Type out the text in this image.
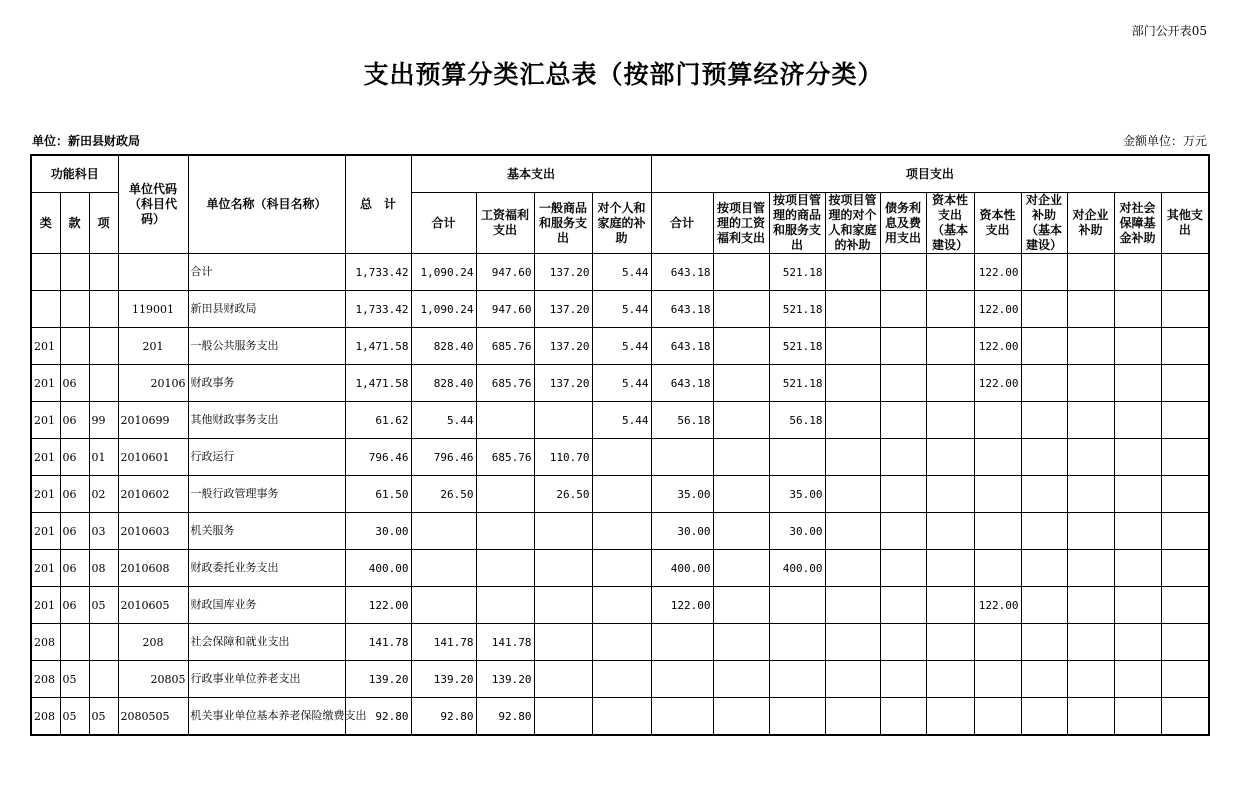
部门公开表05
支出预算分类汇总表（按部门预算经济分类）
单位：新田县财政局	金额单位：万元
功能科目			单位代码（科目代码）	单位名称（科目名称）	总　计	基本支出				项目支出										
类	款	项				合计	工资福利支出	一般商品和服务支出	对个人和家庭的补助	合计	按项目管理的工资福利支出	按项目管理的商品和服务支出	按项目管理的对个人和家庭的补助	债务利息及费用支出	资本性支出（基本建设）	资本性支出	对企业补助（基本建设）	对企业补助	对社会保障基金补助	其他支出
				合计	1,733.42	1,090.24	947.60	137.20	5.44	643.18		521.18				122.00				
			119001	新田县财政局	1,733.42	1,090.24	947.60	137.20	5.44	643.18		521.18				122.00				
201			201	一般公共服务支出	1,471.58	828.40	685.76	137.20	5.44	643.18		521.18				122.00				
201	06		20106	财政事务	1,471.58	828.40	685.76	137.20	5.44	643.18		521.18				122.00				
201	06	99	2010699	其他财政事务支出	61.62	5.44			5.44	56.18		56.18								
201	06	01	2010601	行政运行	796.46	796.46	685.76	110.70												
201	06	02	2010602	一般行政管理事务	61.50	26.50		26.50		35.00		35.00								
201	06	03	2010603	机关服务	30.00					30.00		30.00								
201	06	08	2010608	财政委托业务支出	400.00					400.00		400.00								
201	06	05	2010605	财政国库业务	122.00					122.00						122.00				
208			208	社会保障和就业支出	141.78	141.78	141.78													
208	05		20805	行政事业单位养老支出	139.20	139.20	139.20													
208	05	05	2080505	机关事业单位基本养老保险缴费支出	92.80	92.80	92.80													
